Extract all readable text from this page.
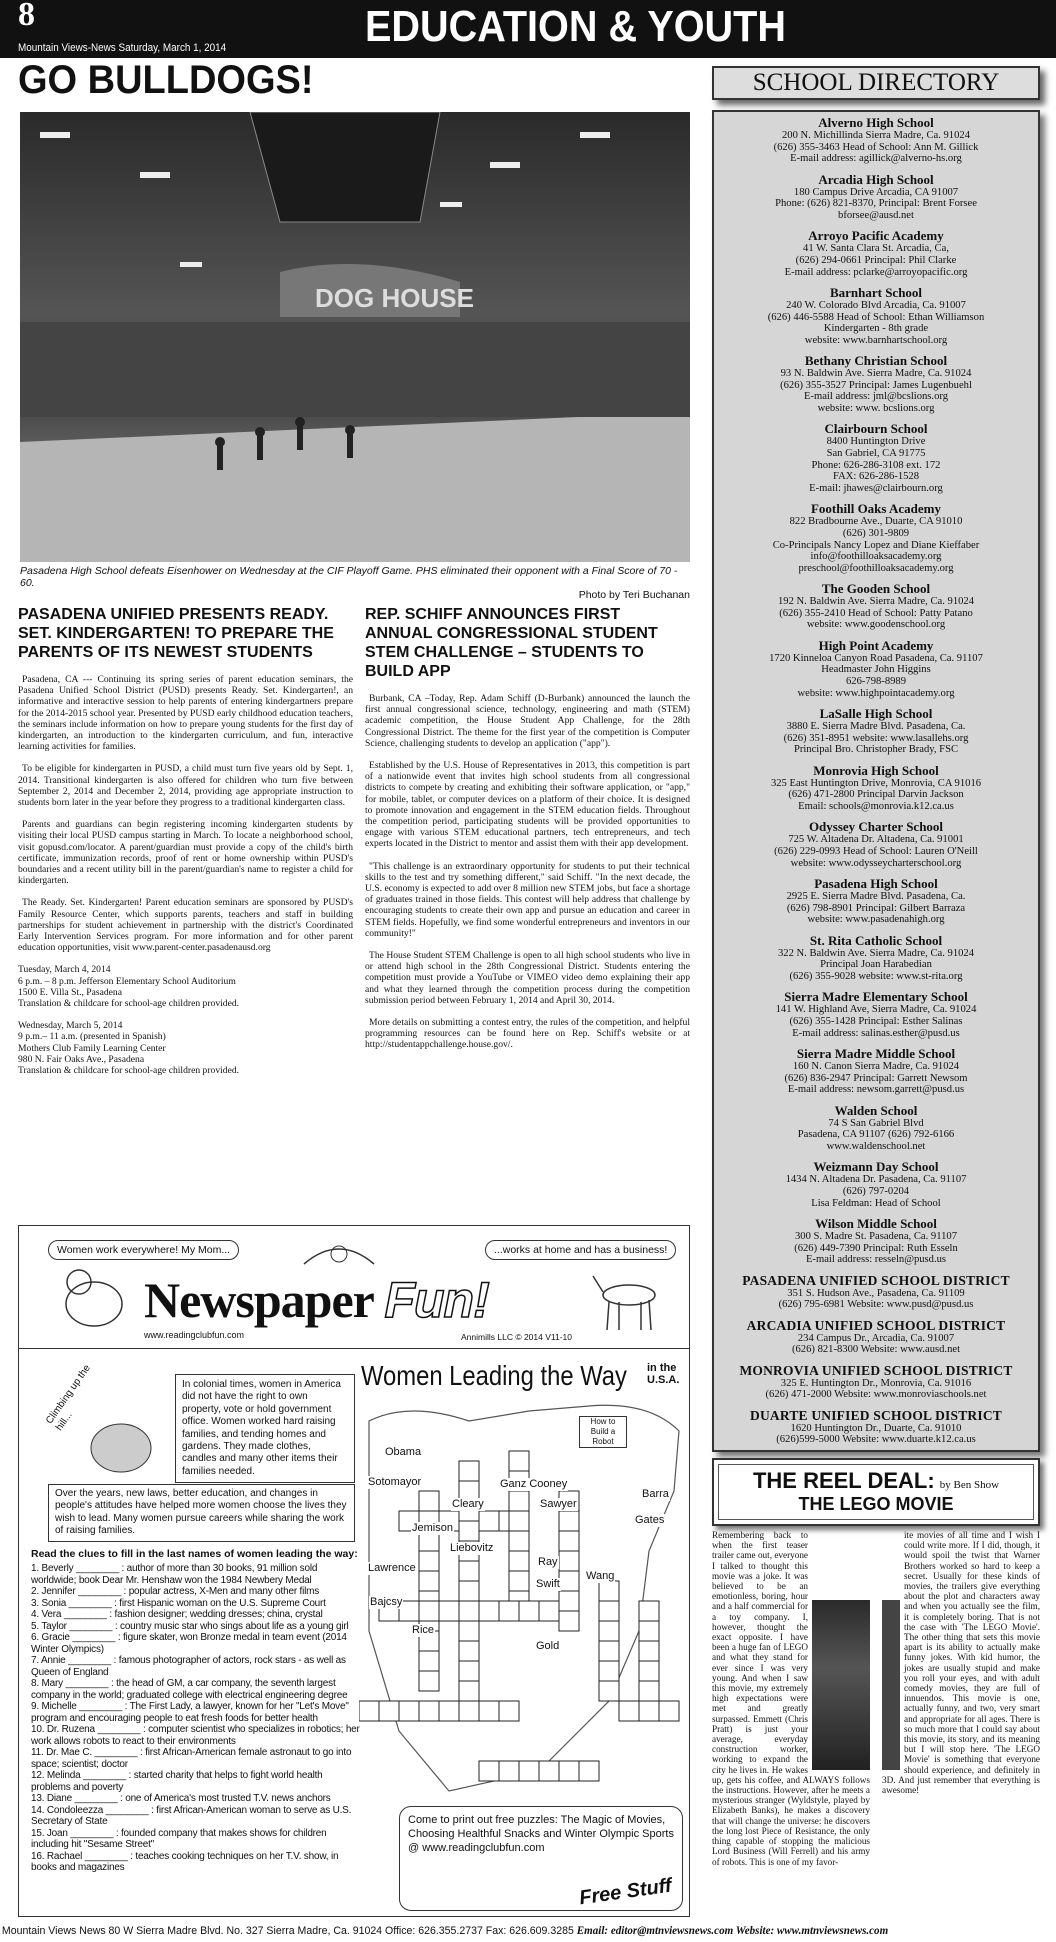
8
Mountain Views-News Saturday, March 1, 2014	EDUCATION & YOUTH
GO BULLDOGS!	SCHOOL DIRECTORY
DOG HOUSE
Pasadena High School defeats Eisenhower on Wednesday at the CIF Playoff Game. PHS eliminated their opponent with a Final Score of 70 - 60.
Photo by Teri Buchanan
PASADENA UNIFIED PRESENTS READY. SET. KINDERGARTEN! TO PREPARE THE PARENTS OF ITS NEWEST STUDENTS

Pasadena, CA --- Continuing its spring series of parent education seminars, the Pasadena Unified School District (PUSD) presents Ready. Set. Kindergarten!, an informative and interactive session to help parents of entering kindergartners prepare for the 2014-2015 school year. Presented by PUSD early childhood education teachers, the seminars include information on how to prepare young students for the first day of kindergarten, an introduction to the kindergarten curriculum, and fun, interactive learning activities for families.

To be eligible for kindergarten in PUSD, a child must turn five years old by Sept. 1, 2014. Transitional kindergarten is also offered for children who turn five between September 2, 2014 and December 2, 2014, providing age appropriate instruction to students born later in the year before they progress to a traditional kindergarten class.

Parents and guardians can begin registering incoming kindergarten students by visiting their local PUSD campus starting in March. To locate a neighborhood school, visit gopusd.com/locator. A parent/guardian must provide a copy of the child's birth certificate, immunization records, proof of rent or home ownership within PUSD's boundaries and a recent utility bill in the parent/guardian's name to register a child for kindergarten.

The Ready. Set. Kindergarten! Parent education seminars are sponsored by PUSD's Family Resource Center, which supports parents, teachers and staff in building partnerships for student achievement in partnership with the district's Coordinated Early Intervention Services program. For more information and for other parent education opportunities, visit www.parent-center.pasadenausd.org

Tuesday, March 4, 2014
6 p.m. – 8 p.m. Jefferson Elementary School Auditorium
1500 E. Villa St., Pasadena
Translation & childcare for school-age children provided.

Wednesday, March 5, 2014
9 p.m.– 11 a.m. (presented in Spanish)
Mothers Club Family Learning Center
980 N. Fair Oaks Ave., Pasadena
Translation & childcare for school-age children provided.

REP. SCHIFF ANNOUNCES FIRST ANNUAL CONGRESSIONAL STUDENT STEM CHALLENGE – STUDENTS TO BUILD APP

Burbank, CA –Today, Rep. Adam Schiff (D-Burbank) announced the launch the first annual congressional science, technology, engineering and math (STEM) academic competition, the House Student App Challenge, for the 28th Congressional District. The theme for the first year of the competition is Computer Science, challenging students to develop an application ("app").

Established by the U.S. House of Representatives in 2013, this competition is part of a nationwide event that invites high school students from all congressional districts to compete by creating and exhibiting their software application, or "app," for mobile, tablet, or computer devices on a platform of their choice. It is designed to promote innovation and engagement in the STEM education fields. Throughout the competition period, participating students will be provided opportunities to engage with various STEM educational partners, tech entrepreneurs, and tech experts located in the District to mentor and assist them with their app development.

"This challenge is an extraordinary opportunity for students to put their technical skills to the test and try something different," said Schiff. "In the next decade, the U.S. economy is expected to add over 8 million new STEM jobs, but face a shortage of graduates trained in those fields. This contest will help address that challenge by encouraging students to create their own app and pursue an education and career in STEM fields. Hopefully, we find some wonderful entrepreneurs and inventors in our community!"

The House Student STEM Challenge is open to all high school students who live in or attend high school in the 28th Congressional District. Students entering the competition must provide a YouTube or VIMEO video demo explaining their app and what they learned through the competition process during the competition submission period between February 1, 2014 and April 30, 2014.

More details on submitting a contest entry, the rules of the competition, and helpful programming resources can be found here on Rep. Schiff's website or at http://studentappchallenge.house.gov/.

Alverno High School
200 N. Michillinda Sierra Madre, Ca. 91024
(626) 355-3463 Head of School: Ann M. Gillick
E-mail address: agillick@alverno-hs.org
Arcadia High School
180 Campus Drive Arcadia, CA 91007
Phone: (626) 821-8370, Principal: Brent Forsee
bforsee@ausd.net
Arroyo Pacific Academy
41 W. Santa Clara St. Arcadia, Ca,
(626) 294-0661 Principal: Phil Clarke
E-mail address: pclarke@arroyopacific.org
Barnhart School
240 W. Colorado Blvd Arcadia, Ca. 91007
(626) 446-5588 Head of School: Ethan Williamson
Kindergarten - 8th grade
website: www.barnhartschool.org
Bethany Christian School
93 N. Baldwin Ave. Sierra Madre, Ca. 91024
(626) 355-3527 Principal: James Lugenbuehl
E-mail address: jml@bcslions.org
website: www. bcslions.org
Clairbourn School
8400 Huntington Drive
San Gabriel, CA 91775
Phone: 626-286-3108 ext. 172
FAX: 626-286-1528
E-mail: jhawes@clairbourn.org
Foothill Oaks Academy
822 Bradbourne Ave., Duarte, CA 91010
(626) 301-9809
Co-Principals Nancy Lopez and Diane Kieffaber
info@foothilloaksacademy.org
preschool@foothilloaksacademy.org
The Gooden School
192 N. Baldwin Ave. Sierra Madre, Ca. 91024
(626) 355-2410 Head of School: Patty Patano
website: www.goodenschool.org
High Point Academy
1720 Kinneloa Canyon Road Pasadena, Ca. 91107
Headmaster John Higgins
626-798-8989
website: www.highpointacademy.org
LaSalle High School
3880 E. Sierra Madre Blvd. Pasadena, Ca.
(626) 351-8951 website: www.lasallehs.org
Principal Bro. Christopher Brady, FSC
Monrovia High School
325 East Huntington Drive, Monrovia, CA 91016
(626) 471-2800 Principal Darvin Jackson
Email: schools@monrovia.k12.ca.us
Odyssey Charter School
725 W. Altadena Dr. Altadena, Ca. 91001
(626) 229-0993 Head of School: Lauren O'Neill
website: www.odysseycharterschool.org
Pasadena High School
2925 E. Sierra Madre Blvd. Pasadena, Ca.
(626) 798-8901 Principal: Gilbert Barraza
website: www.pasadenahigh.org
St. Rita Catholic School
322 N. Baldwin Ave. Sierra Madre, Ca. 91024
Principal Joan Harabedian
(626) 355-9028 website: www.st-rita.org
Sierra Madre Elementary School
141 W. Highland Ave, Sierra Madre, Ca. 91024
(626) 355-1428 Principal: Esther Salinas
E-mail address: salinas.esther@pusd.us
Sierra Madre Middle School
160 N. Canon Sierra Madre, Ca. 91024
(626) 836-2947 Principal: Garrett Newsom
E-mail address: newsom.garrett@pusd.us
Walden School
74 S San Gabriel Blvd
Pasadena, CA 91107 (626) 792-6166
www.waldenschool.net
Weizmann Day School
1434 N. Altadena Dr. Pasadena, Ca. 91107
(626) 797-0204
Lisa Feldman: Head of School
Wilson Middle School
300 S. Madre St. Pasadena, Ca. 91107
(626) 449-7390 Principal: Ruth Esseln
E-mail address: resseln@pusd.us
PASADENA UNIFIED SCHOOL DISTRICT
351 S. Hudson Ave., Pasadena, Ca. 91109
(626) 795-6981 Website: www.pusd@pusd.us
ARCADIA UNIFIED SCHOOL DISTRICT
234 Campus Dr., Arcadia, Ca. 91007
(626) 821-8300 Website: www.ausd.net
MONROVIA UNIFIED SCHOOL DISTRICT
325 E. Huntington Dr., Monrovia, Ca. 91016
(626) 471-2000 Website: www.monroviaschools.net
DUARTE UNIFIED SCHOOL DISTRICT
1620 Huntington Dr., Duarte, Ca. 91010
(626)599-5000 Website: www.duarte.k12.ca.us
THE REEL DEAL: by Ben Show
THE LEGO MOVIE
Remembering back to when the first teaser trailer came out, everyone I talked to thought this movie was a joke. It was believed to be an emotionless, boring, hour and a half commercial for a toy company. I, however, thought the exact opposite. I have been a huge fan of LEGO and what they stand for ever since I was very young. And when I saw this movie, my extremely high expectations were met and greatly surpassed. Emmett (Chris Pratt) is just your average, everyday construction worker, working to expand the city he lives in. He wakes up, gets his coffee, and ALWAYS follows the instructions. However, after he meets a mysterious stranger (Wyldstyle, played by Elizabeth Banks), he makes a discovery that will change the universe: he discovers the long lost Piece of Resistance, the only thing capable of stopping the malicious Lord Business (Will Ferrell) and his army of robots. This is one of my favor-
ite movies of all time and I wish I could write more. If I did, though, it would spoil the twist that Warner Brothers worked so hard to keep a secret. Usually for these kinds of movies, the trailers give everything about the plot and characters away and when you actually see the film, it is completely boring. That is not the case with 'The LEGO Movie'. The other thing that sets this movie apart is its ability to actually make funny jokes. With kid humor, the jokes are usually stupid and make you roll your eyes, and with adult comedy movies, they are full of innuendos. This movie is one, actually funny, and two, very smart and appropriate for all ages. There is so much more that I could say about this movie, its story, and its meaning but I will stop here. 'The LEGO Movie' is something that everyone should experience, and definitely in 3D. And just remember that everything is awesome!
Women work everywhere! My Mom...	...works at home and has a business!
Newspaper Fun!
www.readingclubfun.com	Annimills LLC © 2014 V11-10
Climbing up the hill...
In colonial times, women in America did not have the right to own property, vote or hold government office. Women worked hard raising families, and tending homes and gardens. They made clothes, candles and many other items their families needed.
Over the years, new laws, better education, and changes in people's attitudes have helped more women choose the lives they wish to lead. Many women pursue careers while sharing the work of raising families.
Obama
Sotomayor
Cleary
Ganz Cooney
Sawyer
Barra
Gates
Jemison
Liebovitz
Lawrence	Ray
Swift
Wang
Bajcsy
Rice
Gold
How to Build a Robot
Women Leading the Way in the U.S.A.
Read the clues to fill in the last names of women leading the way:
1. Beverly ________ : author of more than 30 books, 91 million sold worldwide; book Dear Mr. Henshaw won the 1984 Newbery Medal
2. Jennifer ________ : popular actress, X-Men and many other films
3. Sonia ________ : first Hispanic woman on the U.S. Supreme Court
4. Vera ________ : fashion designer; wedding dresses; china, crystal
5. Taylor ________ : country music star who sings about life as a young girl
6. Gracie ________ : figure skater, won Bronze medal in team event (2014 Winter Olympics)
7. Annie ________ : famous photographer of actors, rock stars - as well as Queen of England
8. Mary ________ : the head of GM, a car company, the seventh largest company in the world; graduated college with electrical engineering degree
9. Michelle ________ : The First Lady, a lawyer, known for her "Let's Move" program and encouraging people to eat fresh foods for better health
10. Dr. Ruzena ________ : computer scientist who specializes in robotics; her work allows robots to react to their environments
11. Dr. Mae C. ________ : first African-American female astronaut to go into space; scientist; doctor
12. Melinda ________ : started charity that helps to fight world health problems and poverty
13. Diane ________ : one of America's most trusted T.V. news anchors
14. Condoleezza ________ : first African-American woman to serve as U.S. Secretary of State
15. Joan ________ : founded company that makes shows for children including hit "Sesame Street"
16. Rachael ________ : teaches cooking techniques on her T.V. show, in books and magazines
Come to print out free puzzles: The Magic of Movies, Choosing Healthful Snacks and Winter Olympic Sports @ www.readingclubfun.com
Free Stuff
Mountain Views News 80 W Sierra Madre Blvd. No. 327 Sierra Madre, Ca. 91024 Office: 626.355.2737 Fax: 626.609.3285 Email: editor@mtnviewsnews.com Website: www.mtnviewsnews.com
